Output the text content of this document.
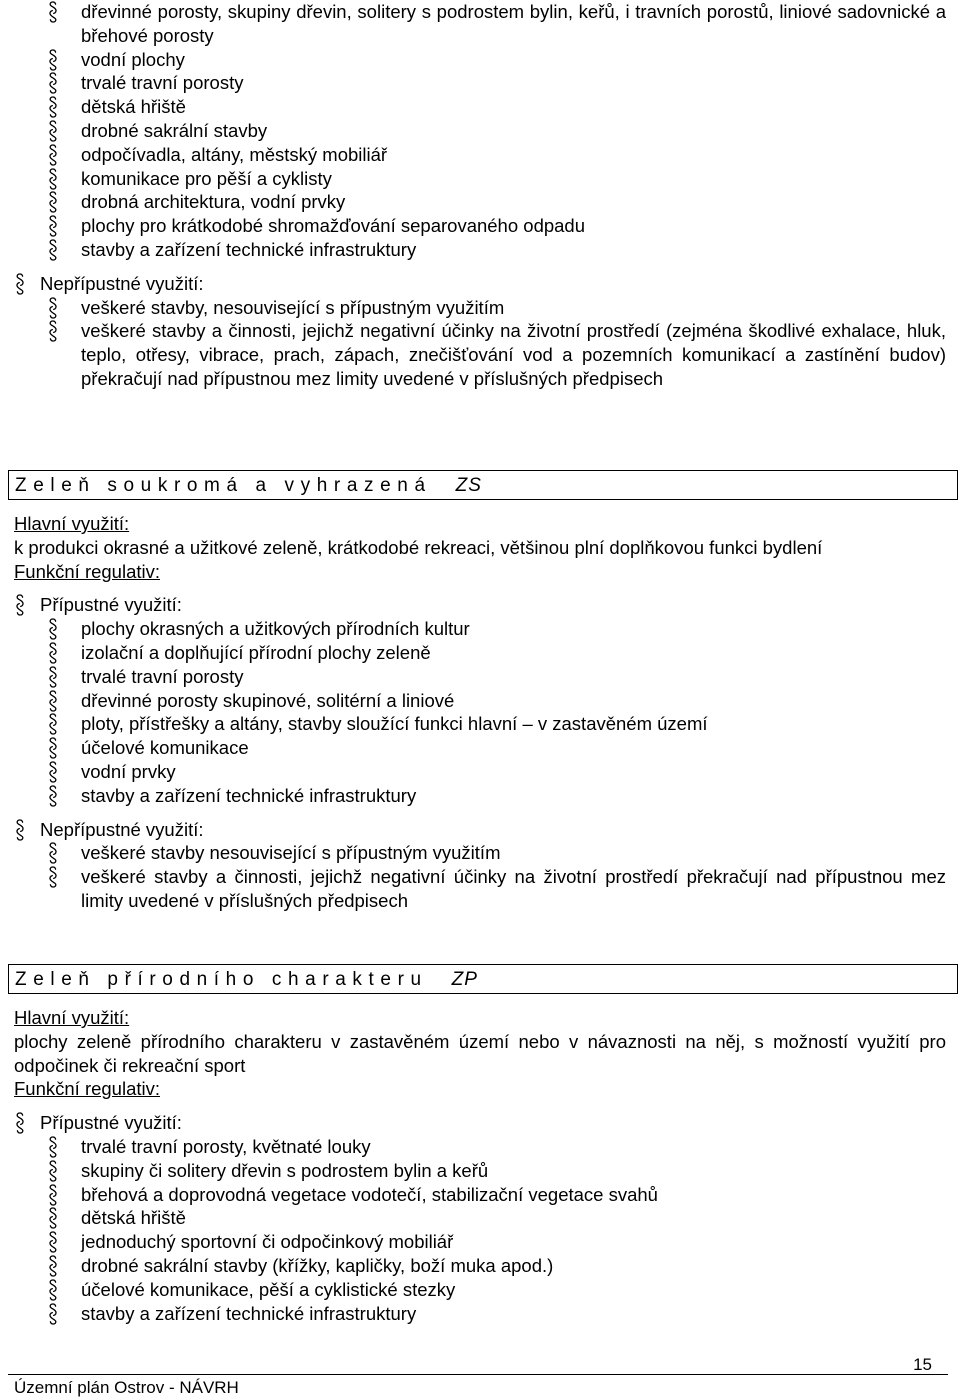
dřevinné porosty, skupiny dřevin, solitery s podrostem bylin, keřů, i travních porostů, liniové sadovnické a břehové porosty
vodní plochy
trvalé travní porosty
dětská hřiště
drobné sakrální stavby
odpočívadla, altány, městský mobiliář
komunikace pro pěší a cyklisty
drobná architektura, vodní prvky
plochy pro krátkodobé shromažďování separovaného odpadu
stavby a zařízení technické infrastruktury
Nepřípustné využití:
veškeré stavby, nesouvisející s přípustným využitím
veškeré stavby a činnosti, jejichž negativní účinky na životní prostředí (zejména škodlivé exhalace, hluk, teplo, otřesy, vibrace, prach, zápach, znečišťování vod a pozemních komunikací a zastínění budov) překračují nad přípustnou mez limity uvedené v příslušných předpisech
Zeleň soukromá a vyhrazená ZS
Hlavní využití:
k produkci okrasné a užitkové zeleně, krátkodobé rekreaci, většinou plní doplňkovou funkci bydlení
Funkční regulativ:
Přípustné využití:
plochy okrasných a užitkových přírodních kultur
izolační a doplňující přírodní plochy zeleně
trvalé travní porosty
dřevinné porosty skupinové, solitérní a liniové
ploty, přístřešky a altány, stavby sloužící funkci hlavní – v zastavěném území
účelové komunikace
vodní prvky
stavby a zařízení technické infrastruktury
Nepřípustné využití:
veškeré stavby nesouvisející s přípustným využitím
veškeré stavby a činnosti, jejichž negativní účinky na životní prostředí překračují nad přípustnou mez limity uvedené v příslušných předpisech
Zeleň přírodního charakteru ZP
Hlavní využití:
plochy zeleně přírodního charakteru v zastavěném území nebo v návaznosti na něj, s možností využití pro odpočinek či rekreační sport
Funkční regulativ:
Přípustné využití:
trvalé travní porosty, květnaté louky
skupiny či solitery dřevin s podrostem bylin a keřů
břehová a doprovodná vegetace vodotečí, stabilizační vegetace svahů
dětská hřiště
jednoduchý sportovní či odpočinkový mobiliář
drobné sakrální stavby (křížky, kapličky, boží muka apod.)
účelové komunikace, pěší a cyklistické stezky
stavby a zařízení technické infrastruktury
15
Územní plán Ostrov - NÁVRH
